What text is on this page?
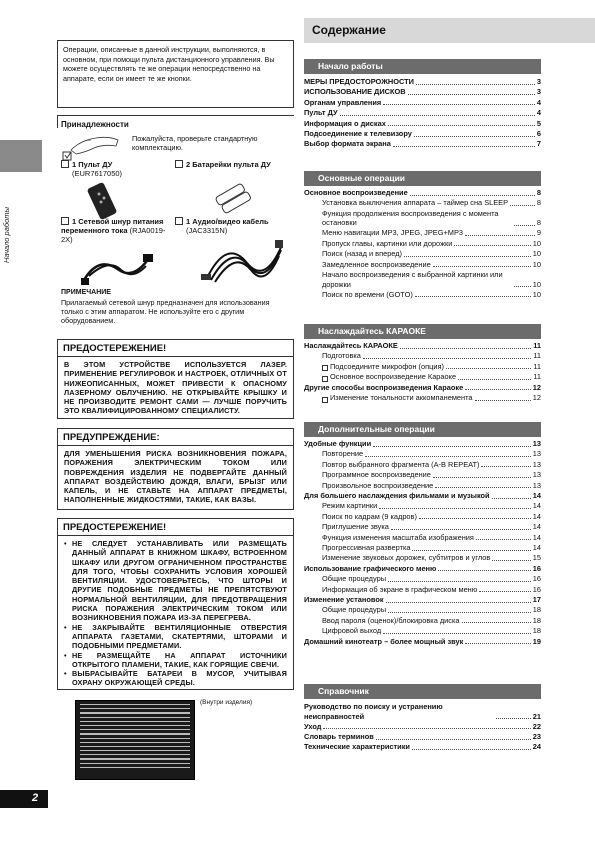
Начало работы
2
Операции, описанные в данной инструкции, выполняются, в основном, при помощи пульта дистанционного управления. Вы можете осуществлять те же операции непосредственно на аппарате, если он имеет те же кнопки.
Принадлежности
Пожалуйста, проверьте стандартную комплектацию.
1 Пульт ДУ
(EUR7617050)
2 Батарейки пульта ДУ
1 Сетевой шнур питания переменного тока (RJA0019-2X)
1 Аудио/видео кабель
(JAC3315N)
ПРИМЕЧАНИЕ
Прилагаемый сетевой шнур предназначен для использования только с этим аппаратом. Не используйте его с другим оборудованием.
ПРЕДОСТЕРЕЖЕНИЕ!
В ЭТОМ УСТРОЙСТВЕ ИСПОЛЬЗУЕТСЯ ЛАЗЕР. ПРИМЕНЕНИЕ РЕГУЛИРОВОК И НАСТРОЕК, ОТЛИЧНЫХ ОТ НИЖЕОПИСАННЫХ, МОЖЕТ ПРИВЕСТИ К ОПАСНОМУ ЛАЗЕРНОМУ ОБЛУЧЕНИЮ. НЕ ОТКРЫВАЙТЕ КРЫШКУ И НЕ ПРОИЗВОДИТЕ РЕМОНТ САМИ — ЛУЧШЕ ПОРУЧИТЬ ЭТО КВАЛИФИЦИРОВАННОМУ СПЕЦИАЛИСТУ.
ПРЕДУПРЕЖДЕНИЕ:
ДЛЯ УМЕНЬШЕНИЯ РИСКА ВОЗНИКНОВЕНИЯ ПОЖАРА, ПОРАЖЕНИЯ ЭЛЕКТРИЧЕСКИМ ТОКОМ ИЛИ ПОВРЕЖДЕНИЯ ИЗДЕЛИЯ НЕ ПОДВЕРГАЙТЕ ДАННЫЙ АППАРАТ ВОЗДЕЙСТВИЮ ДОЖДЯ, ВЛАГИ, БРЫЗГ ИЛИ КАПЕЛЬ, И НЕ СТАВЬТЕ НА АППАРАТ ПРЕДМЕТЫ, НАПОЛНЕННЫЕ ЖИДКОСТЯМИ, ТАКИЕ, КАК ВАЗЫ.
ПРЕДОСТЕРЕЖЕНИЕ!
• НЕ СЛЕДУЕТ УСТАНАВЛИВАТЬ ИЛИ РАЗМЕЩАТЬ ДАННЫЙ АППАРАТ В КНИЖНОМ ШКАФУ, ВСТРОЕННОМ ШКАФУ ИЛИ ДРУГОМ ОГРАНИЧЕННОМ ПРОСТРАНСТВЕ ДЛЯ ТОГО, ЧТОБЫ СОХРАНИТЬ УСЛОВИЯ ХОРОШЕЙ ВЕНТИЛЯЦИИ. УДОСТОВЕРЬТЕСЬ, ЧТО ШТОРЫ И ДРУГИЕ ПОДОБНЫЕ ПРЕДМЕТЫ НЕ ПРЕПЯТСТВУЮТ НОРМАЛЬНОЙ ВЕНТИЛЯЦИИ, ДЛЯ ПРЕДОТВРАЩЕНИЯ РИСКА ПОРАЖЕНИЯ ЭЛЕКТРИЧЕСКИМ ТОКОМ ИЛИ ВОЗНИКНОВЕНИЯ ПОЖАРА ИЗ-ЗА ПЕРЕГРЕВА.
• НЕ ЗАКРЫВАЙТЕ ВЕНТИЛЯЦИОННЫЕ ОТВЕРСТИЯ АППАРАТА ГАЗЕТАМИ, СКАТЕРТЯМИ, ШТОРАМИ И ПОДОБНЫМИ ПРЕДМЕТАМИ.
• НЕ РАЗМЕЩАЙТЕ НА АППАРАТ ИСТОЧНИКИ ОТКРЫТОГО ПЛАМЕНИ, ТАКИЕ, КАК ГОРЯЩИЕ СВЕЧИ.
• ВЫБРАСЫВАЙТЕ БАТАРЕИ В МУСОР, УЧИТЫВАЯ ОХРАНУ ОКРУЖАЮЩЕЙ СРЕДЫ.
(Внутри изделия)
Содержание
Начало работы
МЕРЫ ПРЕДОСТОРОЖНОСТИ	3
ИСПОЛЬЗОВАНИЕ ДИСКОВ	3
Органам управления	4
Пульт ДУ	4
Информация о дисках	5
Подсоединение к телевизору	6
Выбор формата экрана	7
Основные операции
Основное воспроизведение	8
Установка выключения аппарата – таймер сна SLEEP	8
Функция продолжения воспроизведения с момента остановки	8
Меню навигации MP3, JPEG, JPEG+MP3	9
Пропуск главы, картинки или дорожки	10
Поиск (назад и вперед)	10
Замедленное воспроизведение	10
Начало воспроизведения с выбранной картинки или дорожки	10
Поиск по времени (GOTO)	10
Наслаждайтесь КАРАОКЕ
Наслаждайтесь КАРАОКЕ	11
Подготовка	11
Подсоедините микрофон (опция)	11
Основное воспроизведение Караоке	11
Другие способы воспроизведения Караоке	12
Изменение тональности аккомпанемента	12
Дополнительные операции
Удобные функции	13
Повторение	13
Повтор выбранного фрагмента (A-B REPEAT)	13
Программное воспроизведение	13
Произвольное воспроизведение	13
Для большего наслаждения фильмами и музыкой	14
Режим картинки	14
Поиск по кадрам (9 кадров)	14
Приглушение звука	14
Функция изменения масштаба изображения	14
Прогрессивная развертка	14
Изменение звуковых дорожек, субтитров и углов	15
Использование графического меню	16
Общие процедуры	16
Информация об экране в графическом меню	16
Изменение установок	17
Общие процедуры	18
Ввод пароля (оценок)/блокировка диска	18
Цифровой выход	18
Домашний кинотеатр – более мощный звук	19
Справочник
Руководство по поиску и устранению неисправностей	21
Уход	22
Словарь терминов	23
Технические характеристики	24
